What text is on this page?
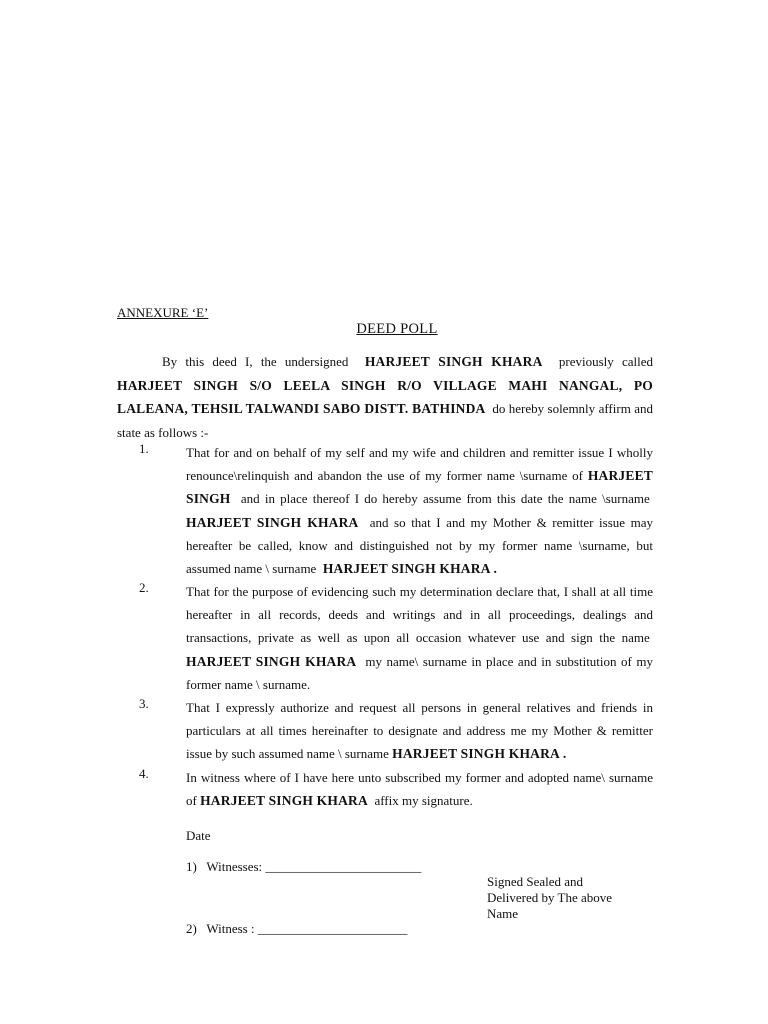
ANNEXURE ‘E’
DEED POLL
By this deed I, the undersigned HARJEET SINGH KHARA previously called HARJEET SINGH S/O LEELA SINGH R/O VILLAGE MAHI NANGAL, PO LALEANA, TEHSIL TALWANDI SABO DISTT. BATHINDA do hereby solemnly affirm and state as follows :-
1.	That for and on behalf of my self and my wife and children and remitter issue I wholly renounce\relinquish and abandon the use of my former name \surname of HARJEET SINGH and in place thereof I do hereby assume from this date the name \surname  HARJEET SINGH KHARA and so that I and my Mother & remitter issue may hereafter be called, know and distinguished not by my former name \surname, but assumed name \ surname HARJEET SINGH KHARA .
2.	That for the purpose of evidencing such my determination declare that, I shall at all time hereafter in all records, deeds and writings and in all proceedings, dealings and transactions, private as well as upon all occasion whatever use and sign the name  HARJEET SINGH KHARA my name\ surname in place and in substitution of my former name \ surname.
3.	That I expressly authorize and request all persons in general relatives and friends in particulars at all times hereinafter to designate and address me my Mother & remitter issue by such assumed name \ surname HARJEET SINGH KHARA .
4.	In witness where of I have here unto subscribed my former and adopted name\ surname of HARJEET SINGH KHARA affix my signature.
Date
1)   Witnesses: ________________________
Signed Sealed and Delivered by The above Name
2)   Witness : _______________________
